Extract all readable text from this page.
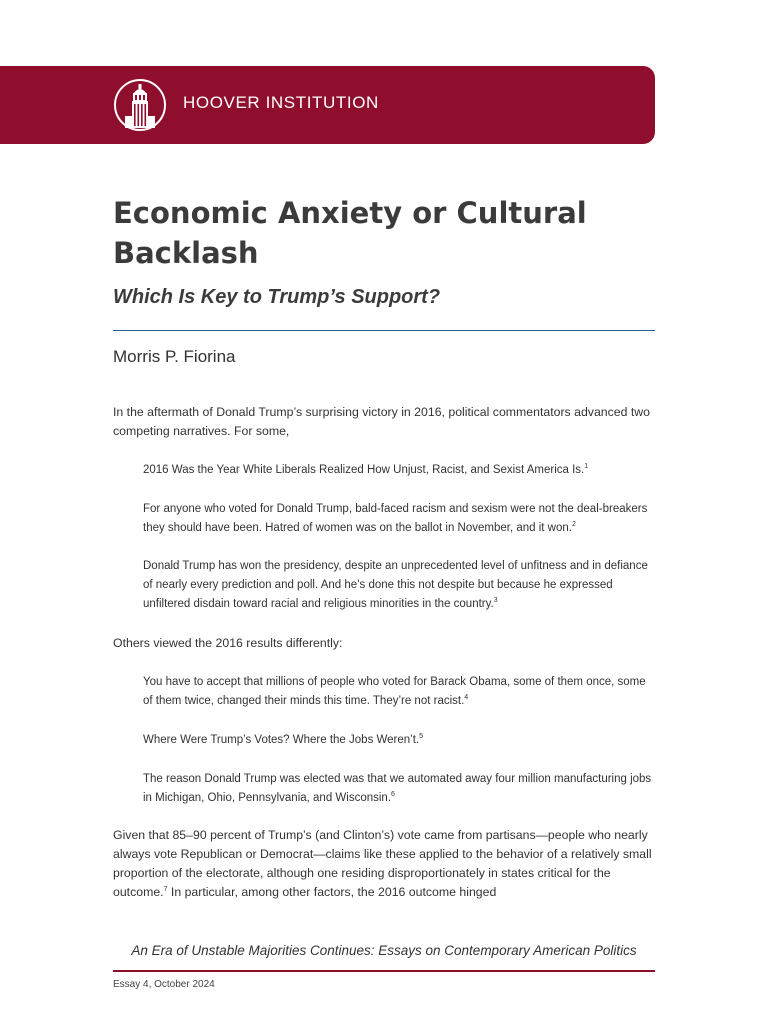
HOOVER INSTITUTION
Economic Anxiety or Cultural Backlash
Which Is Key to Trump’s Support?
Morris P. Fiorina

In the aftermath of Donald Trump’s surprising victory in 2016, political commentators advanced two competing narratives. For some,

2016 Was the Year White Liberals Realized How Unjust, Racist, and Sexist America Is.$^1$

For anyone who voted for Donald Trump, bald-faced racism and sexism were not the deal-breakers they should have been. Hatred of women was on the ballot in November, and it won.$^2$

Donald Trump has won the presidency, despite an unprecedented level of unfitness and in defiance of nearly every prediction and poll. And he’s done this not despite but because he expressed unfiltered disdain toward racial and religious minorities in the country.$^3$

Others viewed the 2016 results differently:

You have to accept that millions of people who voted for Barack Obama, some of them once, some of them twice, changed their minds this time. They’re not racist.$^4$

Where Were Trump’s Votes? Where the Jobs Weren’t.$^5$

The reason Donald Trump was elected was that we automated away four million manufacturing jobs in Michigan, Ohio, Pennsylvania, and Wisconsin.$^6$

Given that 85–90 percent of Trump’s (and Clinton’s) vote came from partisans—people who nearly always vote Republican or Democrat—claims like these applied to the behavior of a relatively small proportion of the electorate, although one residing disproportionately in states critical for the outcome.$^7$ In particular, among other factors, the 2016 outcome hinged

An Era of Unstable Majorities Continues: Essays on Contemporary American Politics
Essay 4, October 2024
